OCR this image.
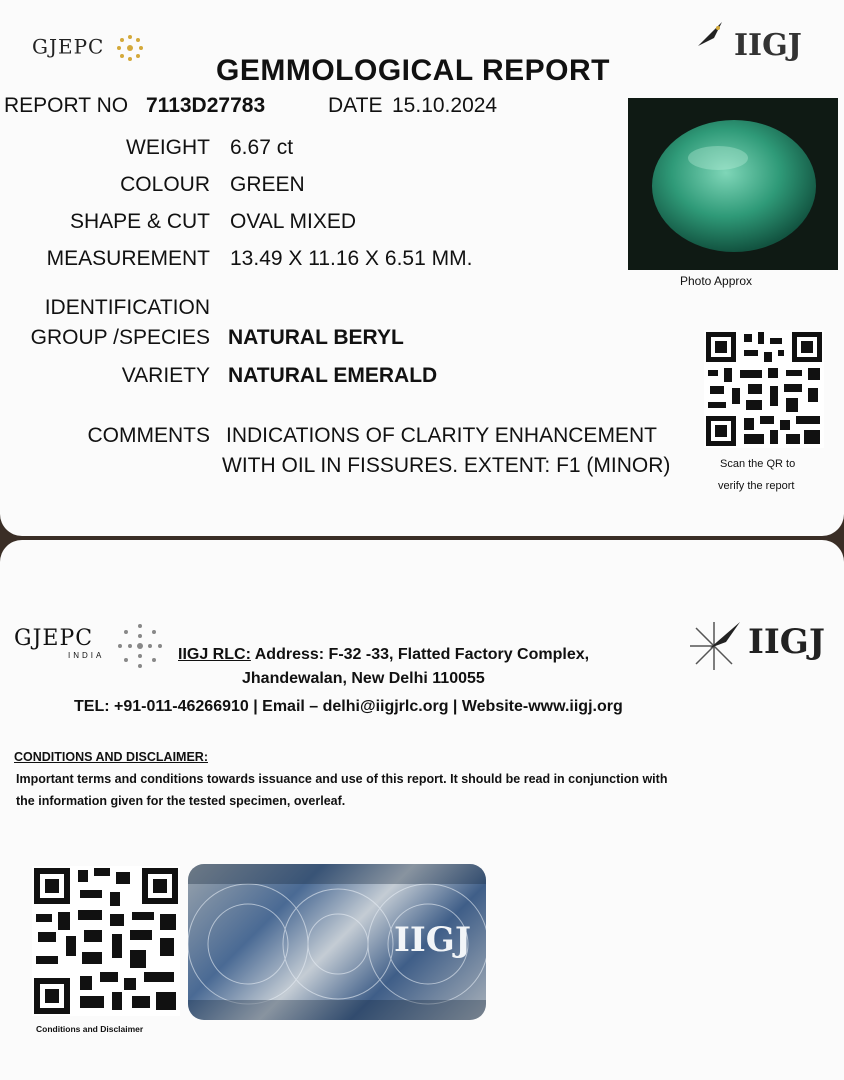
GJEPC	IIGJ
GEMMOLOGICAL REPORT
REPORT NO 7113D27783	DATE 15.10.2024
WEIGHT 6.67 ct
COLOUR GREEN
SHAPE & CUT OVAL MIXED
MEASUREMENT 13.49 X 11.16 X 6.51 MM.
IDENTIFICATION
GROUP /SPECIES NATURAL BERYL
VARIETY NATURAL EMERALD
COMMENTS INDICATIONS OF CLARITY ENHANCEMENT
WITH OIL IN FISSURES. EXTENT: F1 (MINOR)
Photo Approx
Scan the QR to
verify the report
GJEPC
INDIA	IIGJ
IIGJ RLC: Address: F-32 -33, Flatted Factory Complex,
Jhandewalan, New Delhi 110055
TEL: +91-011-46266910 | Email – delhi@iigjrlc.org | Website-www.iigj.org
CONDITIONS AND DISCLAIMER:
Important terms and conditions towards issuance and use of this report. It should be read in conjunction with
the information given for the tested specimen, overleaf.
Conditions and Disclaimer
IIGJ
